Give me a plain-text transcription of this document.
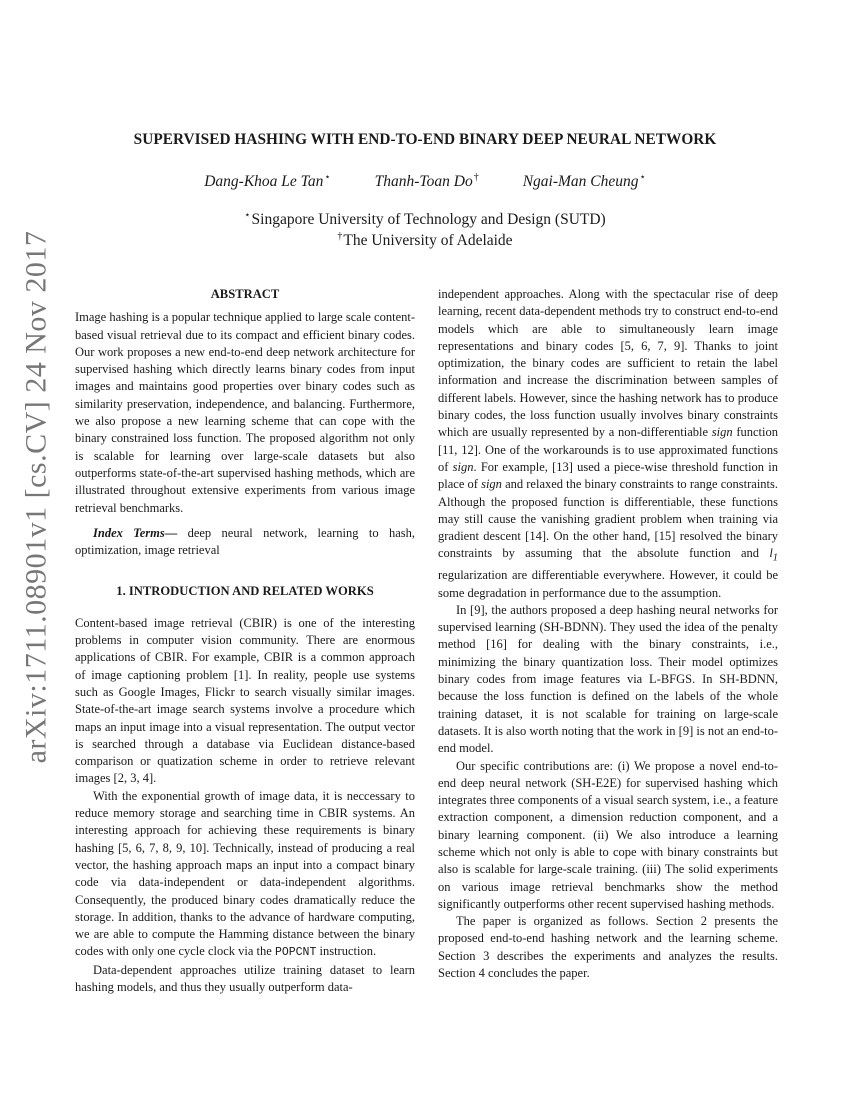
arXiv:1711.08901v1 [cs.CV] 24 Nov 2017
SUPERVISED HASHING WITH END-TO-END BINARY DEEP NEURAL NETWORK
Dang-Khoa Le Tan⋆	Thanh-Toan Do†	Ngai-Man Cheung⋆
⋆Singapore University of Technology and Design (SUTD)
†The University of Adelaide
ABSTRACT

Image hashing is a popular technique applied to large scale content-based visual retrieval due to its compact and efficient binary codes. Our work proposes a new end-to-end deep network architecture for supervised hashing which directly learns binary codes from input images and maintains good properties over binary codes such as similarity preservation, independence, and balancing. Furthermore, we also propose a new learning scheme that can cope with the binary constrained loss function. The proposed algorithm not only is scalable for learning over large-scale datasets but also outperforms state-of-the-art supervised hashing methods, which are illustrated throughout extensive experiments from various image retrieval benchmarks.

Index Terms— deep neural network, learning to hash, optimization, image retrieval

1. INTRODUCTION AND RELATED WORKS

Content-based image retrieval (CBIR) is one of the interesting problems in computer vision community. There are enormous applications of CBIR. For example, CBIR is a common approach of image captioning problem [1]. In reality, people use systems such as Google Images, Flickr to search visually similar images. State-of-the-art image search systems involve a procedure which maps an input image into a visual representation. The output vector is searched through a database via Euclidean distance-based comparison or quatization scheme in order to retrieve relevant images [2, 3, 4].

With the exponential growth of image data, it is neccessary to reduce memory storage and searching time in CBIR systems. An interesting approach for achieving these requirements is binary hashing [5, 6, 7, 8, 9, 10]. Technically, instead of producing a real vector, the hashing approach maps an input into a compact binary code via data-independent or data-independent algorithms. Consequently, the produced binary codes dramatically reduce the storage. In addition, thanks to the advance of hardware computing, we are able to compute the Hamming distance between the binary codes with only one cycle clock via the POPCNT instruction.

Data-dependent approaches utilize training dataset to learn hashing models, and thus they usually outperform data-

independent approaches. Along with the spectacular rise of deep learning, recent data-dependent methods try to construct end-to-end models which are able to simultaneously learn image representations and binary codes [5, 6, 7, 9]. Thanks to joint optimization, the binary codes are sufficient to retain the label information and increase the discrimination between samples of different labels. However, since the hashing network has to produce binary codes, the loss function usually involves binary constraints which are usually represented by a non-differentiable sign function [11, 12]. One of the workarounds is to use approximated functions of sign. For example, [13] used a piece-wise threshold function in place of sign and relaxed the binary constraints to range constraints. Although the proposed function is differentiable, these functions may still cause the vanishing gradient problem when training via gradient descent [14]. On the other hand, [15] resolved the binary constraints by assuming that the absolute function and $l_1$ regularization are differentiable everywhere. However, it could be some degradation in performance due to the assumption.

In [9], the authors proposed a deep hashing neural networks for supervised learning (SH-BDNN). They used the idea of the penalty method [16] for dealing with the binary constraints, i.e., minimizing the binary quantization loss. Their model optimizes binary codes from image features via L-BFGS. In SH-BDNN, because the loss function is defined on the labels of the whole training dataset, it is not scalable for training on large-scale datasets. It is also worth noting that the work in [9] is not an end-to-end model.

Our specific contributions are: (i) We propose a novel end-to-end deep neural network (SH-E2E) for supervised hashing which integrates three components of a visual search system, i.e., a feature extraction component, a dimension reduction component, and a binary learning component. (ii) We also introduce a learning scheme which not only is able to cope with binary constraints but also is scalable for large-scale training. (iii) The solid experiments on various image retrieval benchmarks show the method significantly outperforms other recent supervised hashing methods.

The paper is organized as follows. Section 2 presents the proposed end-to-end hashing network and the learning scheme. Section 3 describes the experiments and analyzes the results. Section 4 concludes the paper.
